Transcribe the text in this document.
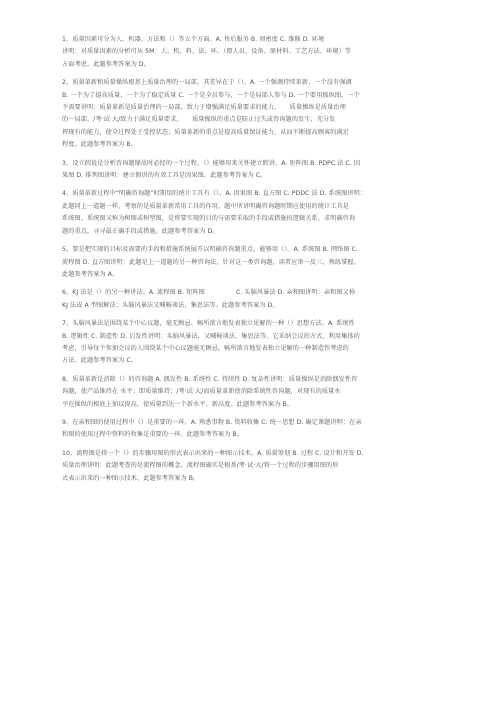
1、质量因素可分为人、机器、方法和（）等五个方面。A. 售后服务 B. 周密度 C. 维修 D. 环境
讲明：对质量因素的分析可从 5M：人、机、料、法、环、（即人员、设备、原材料、工艺方法、环境）等
方面考虑。此题参考答案为 D。
2、质量革新和质量操纵根基上质量治理的一局部，其差异在于（）。A. 一个强调持续革新，一个没有强调
B. 一个为了提高质量，一个为了稳定质量 C. 一个是全员参与，一个是局部人参与 D. 一个要用操纵图，一个
不需要讲明：质量革新是质量治理的一局部，致力于增强满足质量要求的能力。　　质量操纵是质量治理
的一局部，/考·试·大/致力于满足质量要求。　　质量操纵的重点是防止过失或咨询题的发生，充分发
挥现有的能力，使全过程处于受控状态；质量革新的重点是提高质量保证能力，从而不断提高顾客的满足
程度。此题参考答案为 B。
3、设立假说是分析咨询题缘故时必经的一个过程，（）能够用来关怀建立假讲。A. 矩阵图 B. PDPC 法 C. 因
果图 D. 排列图讲明：建立假讲的有效工具是因果图。此题参考答案为 C。
4、质量革新过程中“明确咨询题”时期用的统计工具有（）。A. 因果图 B. 直方图 C. PDDC 法 D. 系统图讲明：
此题同上一道题一样，考察的是质量革新常用工具的作用，题中所讲明确咨询题时期应使用的统计工具是
系统图。系统图又称为树图或树型图，是将要实现的目的与需要采取的手段或措施按逻辑关系，求明确咨询
题的重点，寻寻最正确手段或措施。此题参考答案为 D。
5、要是把实现的目标及需要的手段和措施系统展开以明确咨询题重点，能够用（）。A. 系统图 B. 网络图 C.
流程图 D. 直方图讲明：此题是上一道题的另一种咨询法，针对这一类咨询题，读者应举一反三，熟练掌握。
此题参考答案为 A。
6、KJ 法是（）的另一种讲法。A. 流程图 B. 矩阵图　　　　　C. 头脑风暴法 D. 亲和图讲明：亲和图又称
KJ 法或 A 型图解法；头脑风暴法又喊畅谈法、集思法等。此题参考答案为 D。
7、头脑风暴法是围绕某个中心议题，毫无顾忌、畅所欲言地发表独立见解的一种（）思想方法。A. 系统性
B. 逻辑性 C. 制造性 D. 启发性讲明：头脑风暴法，又喊畅谈法、集思法等。它采纳会议的方式，利用集体的
考虑，引导每个参加会议的人围绕某个中心议题毫无顾忌，畅所欲言地发表独立见解的一种制造性考虑的
方法。此题参考答案为 C。
8、质量革新是消除（）的咨询题 A. 偶发性 B. 系统性 C. 持续性 D. 复杂性讲明：质量操纵是消除偶发性咨
询题，使产品维持在 水平；即质量维持；/考·试·大/而质量革新使消除系统性咨询题，对现有的质量水
平在操纵的根底上加以提高，使质量到达一个新水平、新高度。此题参考答案为 B。
9、在亲和图的使用过程中（）是重要的一环。A. 熟悉事物 B. 资料收集 C. 统一思想 D. 确定课题讲明：在亲
和图的使用过程中资料的收集是重要的一环。此题参考答案为 B。
10、流程图是将一个（）的步骤用图的形式表示出来的一种图示技术。A. 质量筹划 B. 过程 C. 设计和开发 D.
质量治理讲明：此题考查的是流程图的概念。流程图确实是根基/考·试·大/将一个过程的步骤用图的形
式表示出来的一种图示技术。此题参考答案为 B。
